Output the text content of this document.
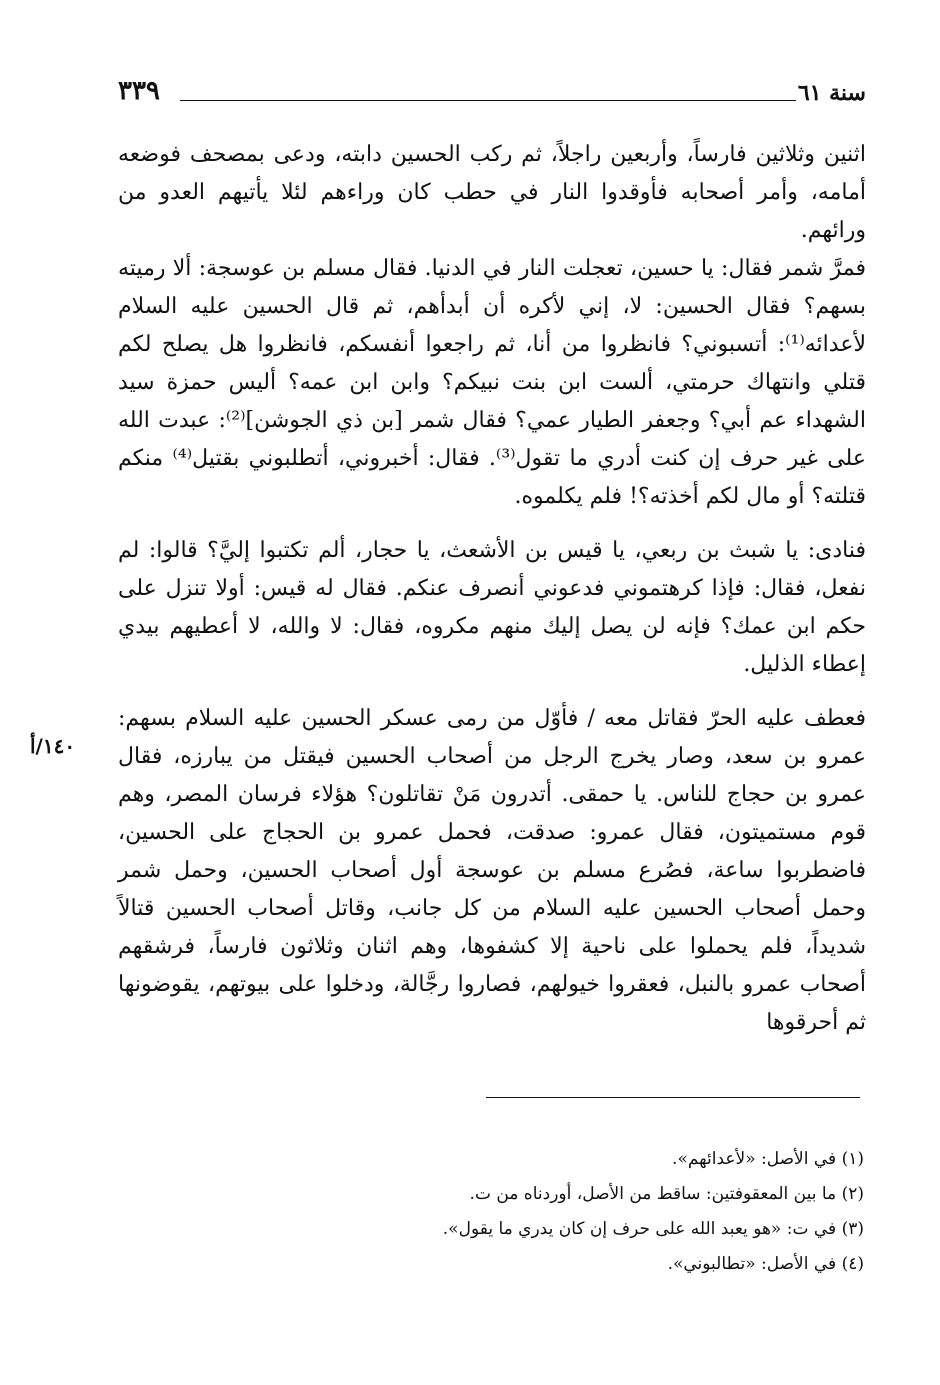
سنة ٦١
٣٣٩

اثنين وثلاثين فارساً، وأربعين راجلاً، ثم ركب الحسين دابته، ودعى بمصحف فوضعه أمامه، وأمر أصحابه فأوقدوا النار في حطب كان وراءهم لئلا يأتيهم العدو من ورائهم.

فمرَّ شمر فقال: يا حسين، تعجلت النار في الدنيا. فقال مسلم بن عوسجة: ألا رميته بسهم؟ فقال الحسين: لا، إني لأكره أن أبدأهم، ثم قال الحسين عليه السلام لأعدائه⁽¹⁾: أتسبوني؟ فانظروا من أنا، ثم راجعوا أنفسكم، فانظروا هل يصلح لكم قتلي وانتهاك حرمتي، ألست ابن بنت نبيكم؟ وابن ابن عمه؟ أليس حمزة سيد الشهداء عم أبي؟ وجعفر الطيار عمي؟ فقال شمر [بن ذي الجوشن]⁽²⁾: عبدت الله على غير حرف إن كنت أدري ما تقول⁽³⁾. فقال: أخبروني، أتطلبوني بقتيل⁽⁴⁾ منكم قتلته؟ أو مال لكم أخذته؟! فلم يكلموه.

فنادى: يا شبث بن ربعي، يا قيس بن الأشعث، يا حجار، ألم تكتبوا إليَّ؟ قالوا: لم نفعل، فقال: فإذا كرهتموني فدعوني أنصرف عنكم. فقال له قيس: أولا تنزل على حكم ابن عمك؟ فإنه لن يصل إليك منهم مكروه، فقال: لا والله، لا أعطيهم بيدي إعطاء الذليل.

فعطف عليه الحرّ فقاتل معه / فأوّل من رمى عسكر الحسين عليه السلام بسهم: عمرو بن سعد، وصار يخرج الرجل من أصحاب الحسين فيقتل من يبارزه، فقال عمرو بن حجاج للناس. يا حمقى. أتدرون مَنْ تقاتلون؟ هؤلاء فرسان المصر، وهم قوم مستميتون، فقال عمرو: صدقت، فحمل عمرو بن الحجاج على الحسين، فاضطربوا ساعة، فصُرع مسلم بن عوسجة أول أصحاب الحسين، وحمل شمر وحمل أصحاب الحسين عليه السلام من كل جانب، وقاتل أصحاب الحسين قتالاً شديداً، فلم يحملوا على ناحية إلا كشفوها، وهم اثنان وثلاثون فارساً، فرشقهم أصحاب عمرو بالنبل، فعقروا خيولهم، فصاروا رجَّالة، ودخلوا على بيوتهم، يقوضونها ثم أحرقوها

١٤٠/أ

(١) في الأصل: «لأعدائهم».

(٢) ما بين المعقوفتين: ساقط من الأصل، أوردناه من ت.

(٣) في ت: «هو يعبد الله على حرف إن كان يدري ما يقول».

(٤) في الأصل: «تطالبوني».
